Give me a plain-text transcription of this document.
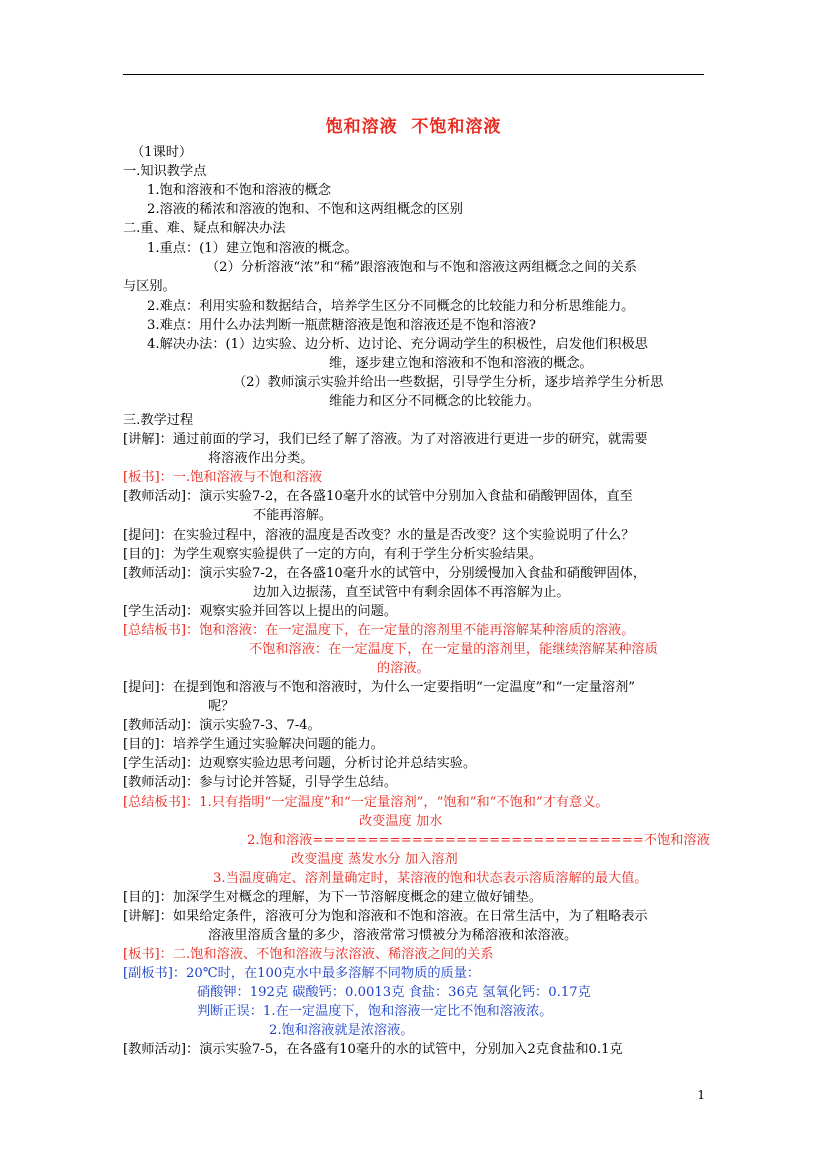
饱和溶液  不饱和溶液
（1课时）
一.知识教学点
1.饱和溶液和不饱和溶液的概念
2.溶液的稀浓和溶液的饱和、不饱和这两组概念的区别
二.重、难、疑点和解决办法
1.重点：(1）建立饱和溶液的概念。
（2）分析溶液“浓”和“稀”跟溶液饱和与不饱和溶液这两组概念之间的关系
与区别。
2.难点：利用实验和数据结合，培养学生区分不同概念的比较能力和分析思维能力。
3.难点：用什么办法判断一瓶蔗糖溶液是饱和溶液还是不饱和溶液?
4.解决办法：(1）边实验、边分析、边讨论、充分调动学生的积极性，启发他们积极思
维，逐步建立饱和溶液和不饱和溶液的概念。
（2）教师演示实验并给出一些数据，引导学生分析，逐步培养学生分析思
维能力和区分不同概念的比较能力。
三.教学过程
[讲解]：通过前面的学习，我们已经了解了溶液。为了对溶液进行更进一步的研究，就需要
将溶液作出分类。
[板书]：一.饱和溶液与不饱和溶液
[教师活动]：演示实验7-2，在各盛10毫升水的试管中分别加入食盐和硝酸钾固体，直至
不能再溶解。
[提问]：在实验过程中，溶液的温度是否改变？水的量是否改变？这个实验说明了什么？
[目的]：为学生观察实验提供了一定的方向，有利于学生分析实验结果。
[教师活动]：演示实验7-2，在各盛10毫升水的试管中，分别缓慢加入食盐和硝酸钾固体，
边加入边振荡，直至试管中有剩余固体不再溶解为止。
[学生活动]：观察实验并回答以上提出的问题。
[总结板书]：饱和溶液：在一定温度下，在一定量的溶剂里不能再溶解某种溶质的溶液。
不饱和溶液：在一定温度下，在一定量的溶剂里，能继续溶解某种溶质
的溶液。
[提问]：在提到饱和溶液与不饱和溶液时，为什么一定要指明“一定温度”和“一定量溶剂”
呢？
[教师活动]：演示实验7-3、7-4。
[目的]：培养学生通过实验解决问题的能力。
[学生活动]：边观察实验边思考问题，分析讨论并总结实验。
[教师活动]：参与讨论并答疑，引导学生总结。
[总结板书]：1.只有指明“一定温度”和“一定量溶剂”，“饱和”和“不饱和”才有意义。
改变温度 加水
2.饱和溶液==============================不饱和溶液
改变温度 蒸发水分 加入溶剂
3.当温度确定、溶剂量确定时，某溶液的饱和状态表示溶质溶解的最大值。
[目的]：加深学生对概念的理解，为下一节溶解度概念的建立做好铺垫。
[讲解]：如果给定条件，溶液可分为饱和溶液和不饱和溶液。在日常生活中，为了粗略表示
溶液里溶质含量的多少，溶液常常习惯被分为稀溶液和浓溶液。
[板书]：二.饱和溶液、不饱和溶液与浓溶液、稀溶液之间的关系
[副板书]：20℃时，在100克水中最多溶解不同物质的质量：
硝酸钾：192克 碳酸钙：0.0013克 食盐：36克 氢氧化钙：0.17克
判断正误：1.在一定温度下，饱和溶液一定比不饱和溶液浓。
2.饱和溶液就是浓溶液。
[教师活动]：演示实验7-5，在各盛有10毫升的水的试管中，分别加入2克食盐和0.1克
1
